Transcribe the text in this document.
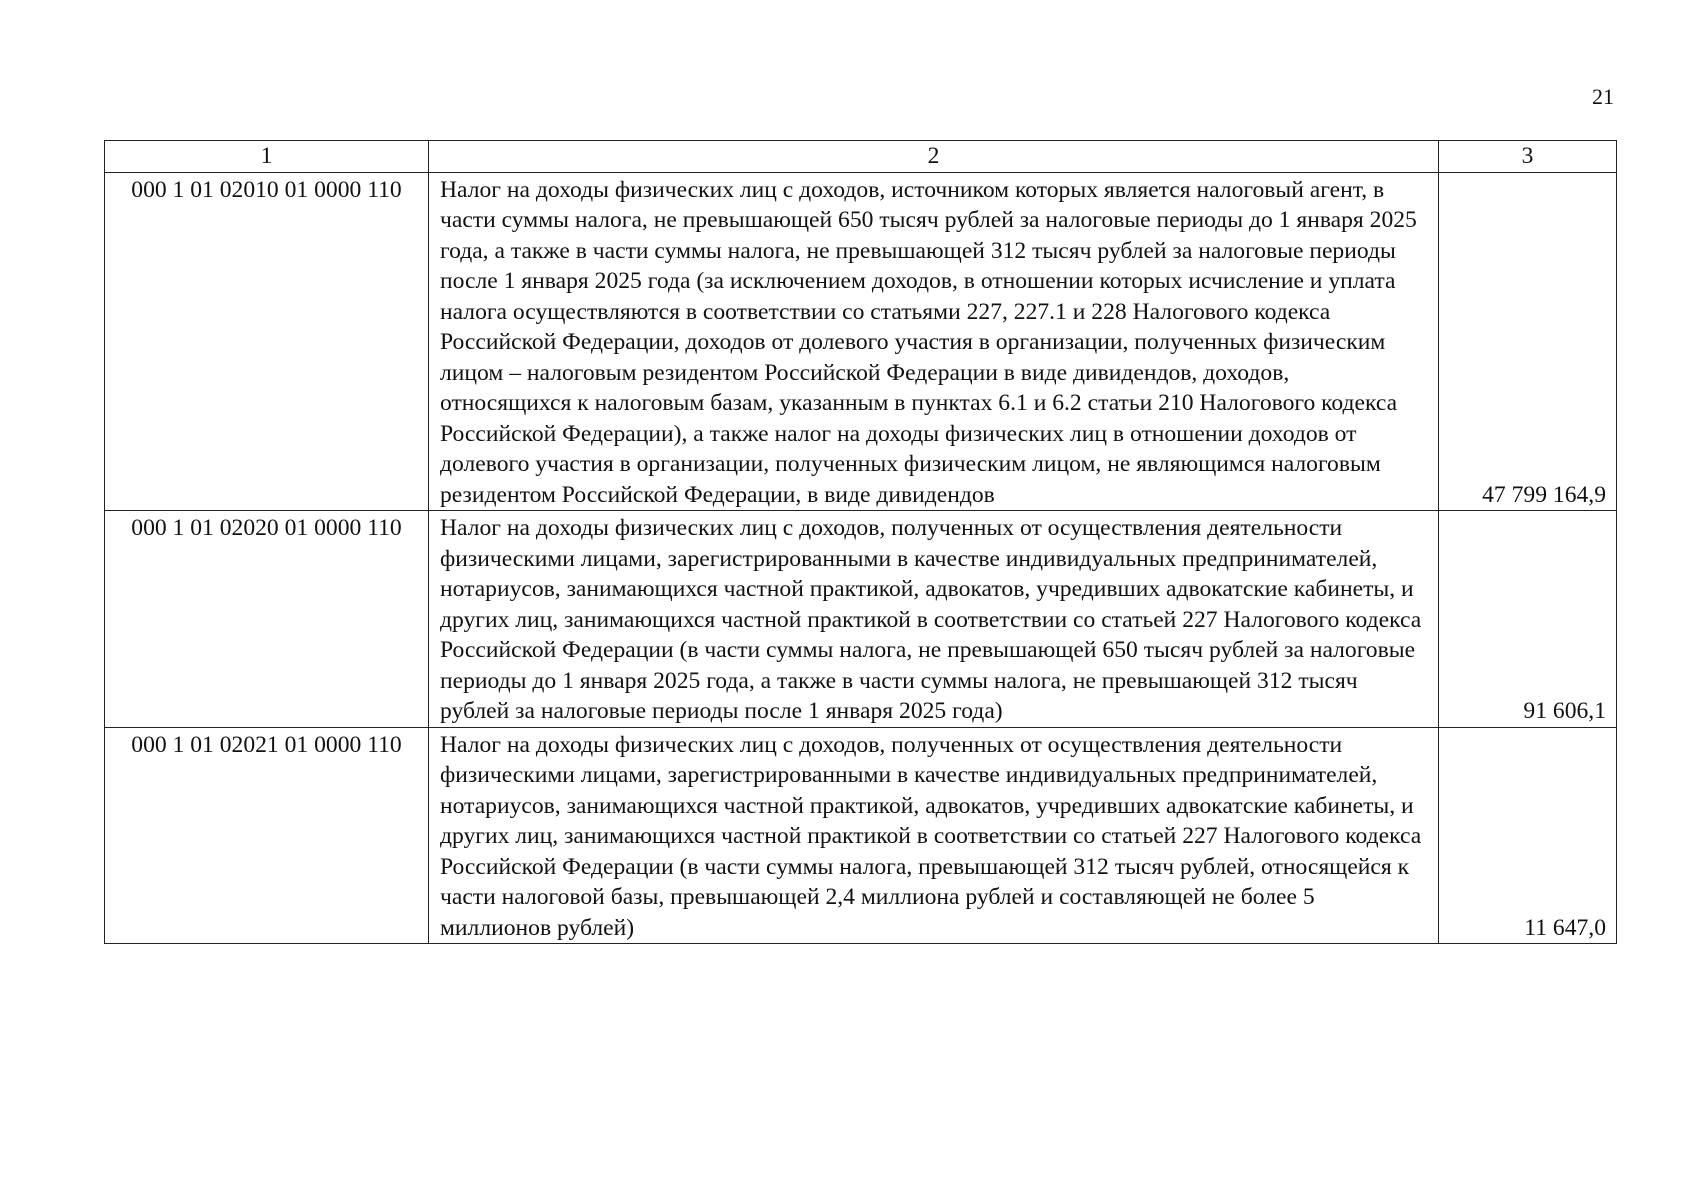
21
1	2	3
000 1 01 02010 01 0000 110	Налог на доходы физических лиц с доходов, источником которых является налоговый агент, в части суммы налога, не превышающей 650 тысяч рублей за налоговые периоды до 1 января 2025 года, а также в части суммы налога, не превышающей 312 тысяч рублей за налоговые периоды после 1 января 2025 года (за исключением доходов, в отношении которых исчисление и уплата налога осуществляются в соответствии со статьями 227, 227.1 и 228 Налогового кодекса Российской Федерации, доходов от долевого участия в организации, полученных физическим лицом – налоговым резидентом Российской Федерации в виде дивидендов, доходов, относящихся к налоговым базам, указанным в пунктах 6.1 и 6.2 статьи 210 Налогового кодекса Российской Федерации), а также налог на доходы физических лиц в отношении доходов от долевого участия в организации, полученных физическим лицом, не являющимся налоговым резидентом Российской Федерации, в виде дивидендов	47 799 164,9
000 1 01 02020 01 0000 110	Налог на доходы физических лиц с доходов, полученных от осуществления деятельности физическими лицами, зарегистрированными в качестве индивидуальных предпринимателей, нотариусов, занимающихся частной практикой, адвокатов, учредивших адвокатские кабинеты, и других лиц, занимающихся частной практикой в соответствии со статьей 227 Налогового кодекса Российской Федерации (в части суммы налога, не превышающей 650 тысяч рублей за налоговые периоды до 1 января 2025 года, а также в части суммы налога, не превышающей 312 тысяч рублей за налоговые периоды после 1 января 2025 года)	91 606,1
000 1 01 02021 01 0000 110	Налог на доходы физических лиц с доходов, полученных от осуществления деятельности физическими лицами, зарегистрированными в качестве индивидуальных предпринимателей, нотариусов, занимающихся частной практикой, адвокатов, учредивших адвокатские кабинеты, и других лиц, занимающихся частной практикой в соответствии со статьей 227 Налогового кодекса Российской Федерации (в части суммы налога, превышающей 312 тысяч рублей, относящейся к части налоговой базы, превышающей 2,4 миллиона рублей и составляющей не более 5 миллионов рублей)	11 647,0
